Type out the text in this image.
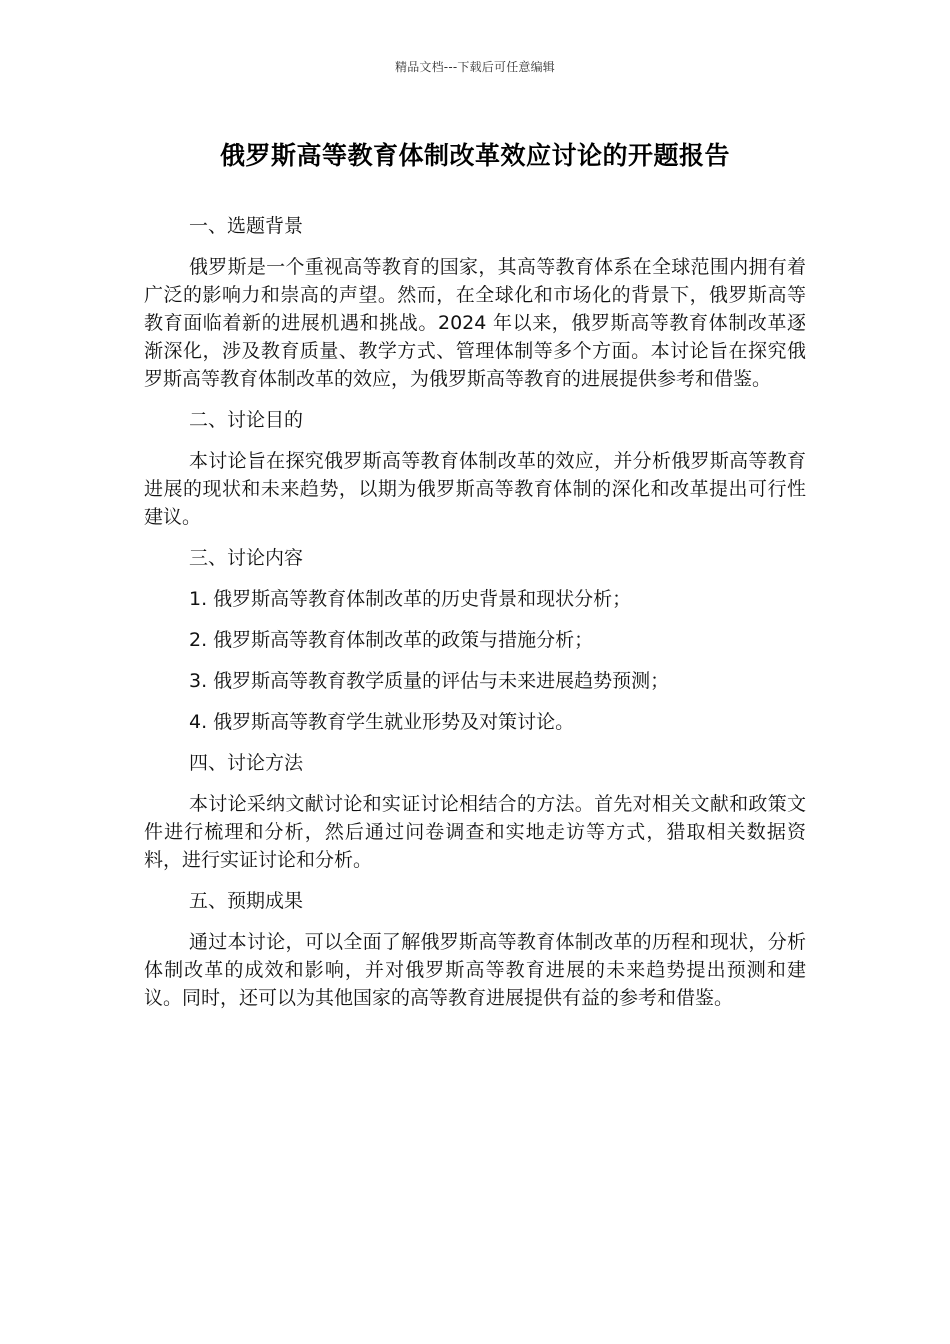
精品文档---下载后可任意编辑
俄罗斯高等教育体制改革效应讨论的开题报告

一、选题背景

俄罗斯是一个重视高等教育的国家，其高等教育体系在全球范围内拥有着广泛的影响力和崇高的声望。然而，在全球化和市场化的背景下，俄罗斯高等教育面临着新的进展机遇和挑战。2024 年以来，俄罗斯高等教育体制改革逐渐深化，涉及教育质量、教学方式、管理体制等多个方面。本讨论旨在探究俄罗斯高等教育体制改革的效应，为俄罗斯高等教育的进展提供参考和借鉴。

二、讨论目的

本讨论旨在探究俄罗斯高等教育体制改革的效应，并分析俄罗斯高等教育进展的现状和未来趋势，以期为俄罗斯高等教育体制的深化和改革提出可行性建议。

三、讨论内容

1. 俄罗斯高等教育体制改革的历史背景和现状分析；

2. 俄罗斯高等教育体制改革的政策与措施分析；

3. 俄罗斯高等教育教学质量的评估与未来进展趋势预测；

4. 俄罗斯高等教育学生就业形势及对策讨论。

四、讨论方法

本讨论采纳文献讨论和实证讨论相结合的方法。首先对相关文献和政策文件进行梳理和分析，然后通过问卷调查和实地走访等方式，猎取相关数据资料，进行实证讨论和分析。

五、预期成果

通过本讨论，可以全面了解俄罗斯高等教育体制改革的历程和现状，分析体制改革的成效和影响，并对俄罗斯高等教育进展的未来趋势提出预测和建议。同时，还可以为其他国家的高等教育进展提供有益的参考和借鉴。
